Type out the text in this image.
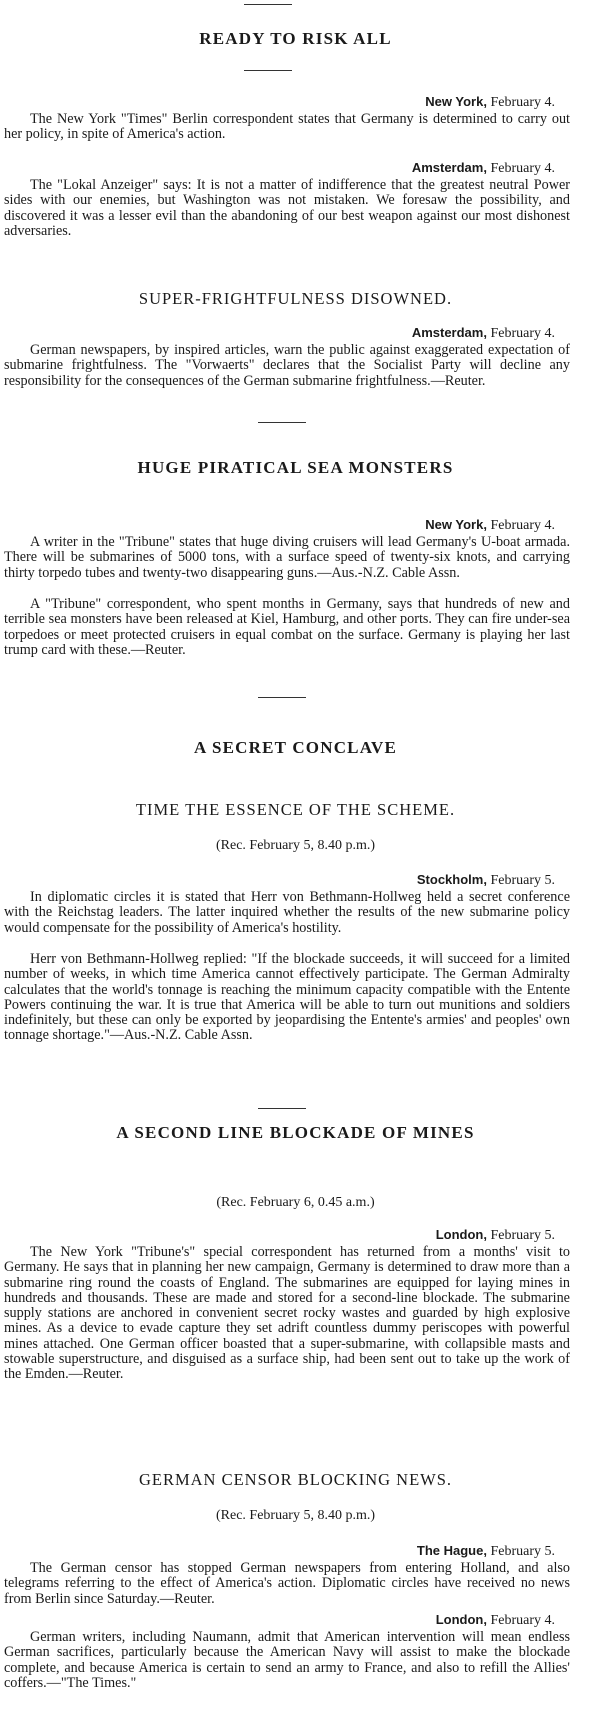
READY TO RISK ALL
New York, February 4.

The New York "Times" Berlin correspondent states that Germany is determined to carry out her policy, in spite of America's action.

Amsterdam, February 4.

The "Lokal Anzeiger" says: It is not a matter of indifference that the greatest neutral Power sides with our enemies, but Washington was not mistaken. We foresaw the possibility, and discovered it was a lesser evil than the abandoning of our best weapon against our most dishonest adversaries.

SUPER-FRIGHTFULNESS DISOWNED.
Amsterdam, February 4.

German newspapers, by inspired articles, warn the public against exaggerated expectation of submarine frightfulness. The "Vorwaerts" declares that the Socialist Party will decline any responsibility for the consequences of the German submarine frightfulness.—Reuter.

HUGE PIRATICAL SEA MONSTERS
New York, February 4.

A writer in the "Tribune" states that huge diving cruisers will lead Germany's U-boat armada. There will be submarines of 5000 tons, with a surface speed of twenty-six knots, and carrying thirty torpedo tubes and twenty-two disappearing guns.—Aus.-N.Z. Cable Assn.

A "Tribune" correspondent, who spent months in Germany, says that hundreds of new and terrible sea monsters have been released at Kiel, Hamburg, and other ports. They can fire under-sea torpedoes or meet protected cruisers in equal combat on the surface. Germany is playing her last trump card with these.—Reuter.

A SECRET CONCLAVE
TIME THE ESSENCE OF THE SCHEME.
(Rec. February 5, 8.40 p.m.)
Stockholm, February 5.

In diplomatic circles it is stated that Herr von Bethmann-Hollweg held a secret conference with the Reichstag leaders. The latter inquired whether the results of the new submarine policy would compensate for the possibility of America's hostility.

Herr von Bethmann-Hollweg replied: "If the blockade succeeds, it will succeed for a limited number of weeks, in which time America cannot effectively participate. The German Admiralty calculates that the world's tonnage is reaching the minimum capacity compatible with the Entente Powers continuing the war. It is true that America will be able to turn out munitions and soldiers indefinitely, but these can only be exported by jeopardising the Entente's armies' and peoples' own tonnage shortage."—Aus.-N.Z. Cable Assn.

A SECOND LINE BLOCKADE OF MINES
(Rec. February 6, 0.45 a.m.)
London, February 5.

The New York "Tribune's" special correspondent has returned from a months' visit to Germany. He says that in planning her new campaign, Germany is determined to draw more than a submarine ring round the coasts of England. The submarines are equipped for laying mines in hundreds and thousands. These are made and stored for a second-line blockade. The submarine supply stations are anchored in convenient secret rocky wastes and guarded by high explosive mines. As a device to evade capture they set adrift countless dummy periscopes with powerful mines attached. One German officer boasted that a super-submarine, with collapsible masts and stowable superstructure, and disguised as a surface ship, had been sent out to take up the work of the Emden.—Reuter.

GERMAN CENSOR BLOCKING NEWS.
(Rec. February 5, 8.40 p.m.)
The Hague, February 5.

The German censor has stopped German newspapers from entering Holland, and also telegrams referring to the effect of America's action. Diplomatic circles have received no news from Berlin since Saturday.—Reuter.

London, February 4.

German writers, including Naumann, admit that American intervention will mean endless German sacrifices, particularly because the American Navy will assist to make the blockade complete, and because America is certain to send an army to France, and also to refill the Allies' coffers.—"The Times."
